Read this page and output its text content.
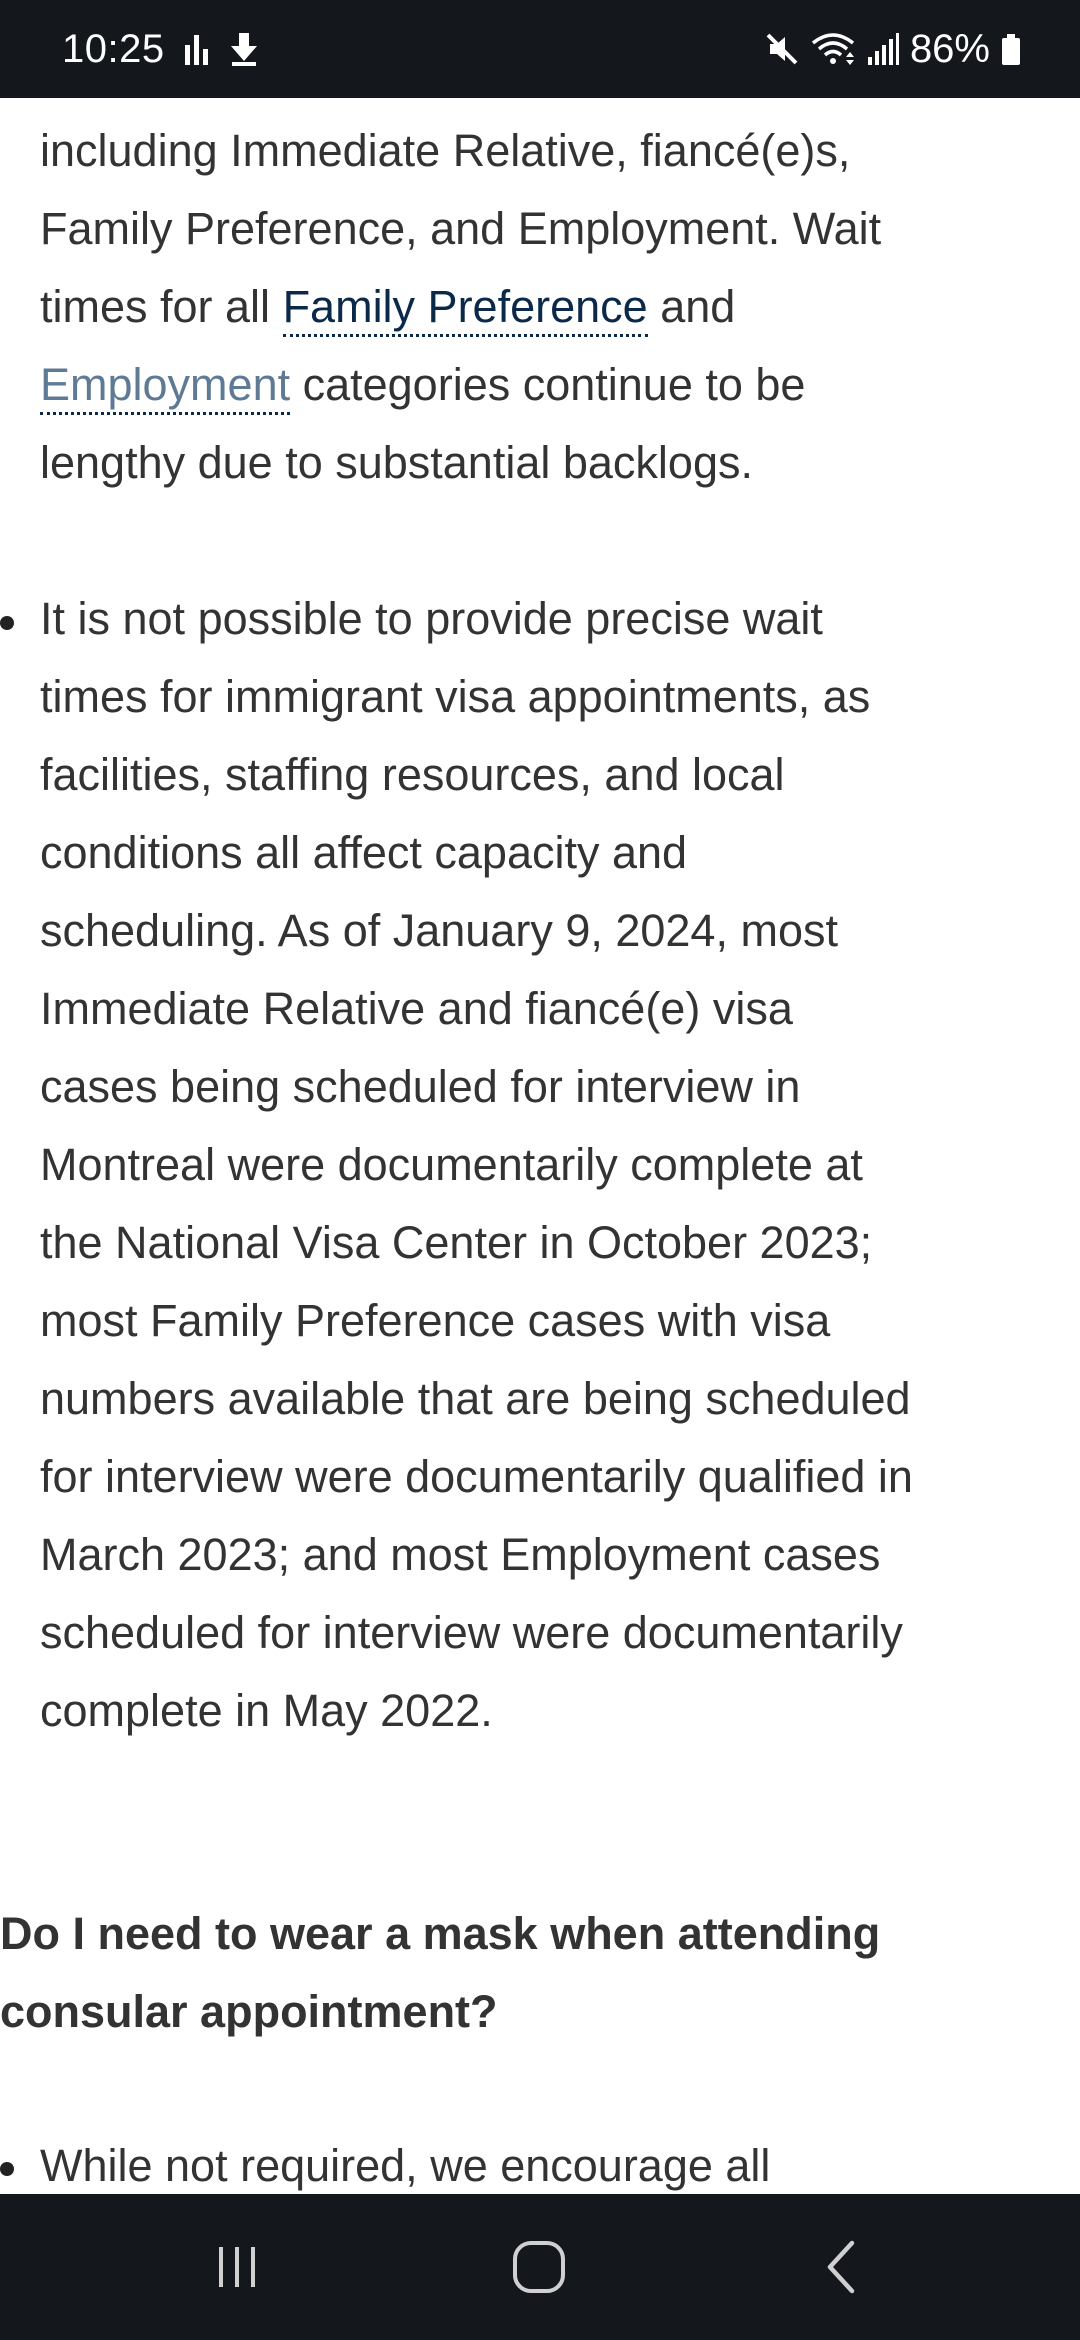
10:25	86%
including Immediate Relative, fiancé(e)s, Family Preference, and Employment. Wait times for all Family Preference and Employment categories continue to be lengthy due to substantial backlogs.
It is not possible to provide precise wait times for immigrant visa appointments, as facilities, staffing resources, and local conditions all affect capacity and scheduling. As of January 9, 2024, most Immediate Relative and fiancé(e) visa cases being scheduled for interview in Montreal were documentarily complete at the National Visa Center in October 2023; most Family Preference cases with visa numbers available that are being scheduled for interview were documentarily qualified in March 2023; and most Employment cases scheduled for interview were documentarily complete in May 2022.
Do I need to wear a mask when attending consular appointment?
While not required, we encourage all
